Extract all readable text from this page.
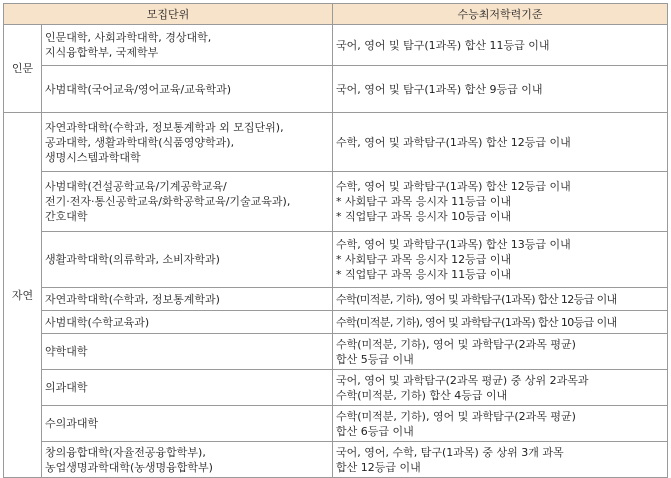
모집단위		수능최저학력기준
인문	인문대학, 사회과학대학, 경상대학,
지식융합학부, 국제학부	국어, 영어 및 탐구(1과목) 합산 11등급 이내

	사범대학(국어교육/영어교육/교육학과)	국어, 영어 및 탐구(1과목) 합산 9등급 이내

자연	자연과학대학(수학과, 정보통계학과 외 모집단위),
공과대학, 생활과학대학(식품영양학과),
생명시스템과학대학	수학, 영어 및 과학탐구(1과목) 합산 12등급 이내

	사범대학(건설공학교육/기계공학교육/
전기·전자·통신공학교육/화학공학교육/기술교육과),
간호대학	수학, 영어 및 과학탐구(1과목) 합산 12등급 이내
* 사회탐구 과목 응시자 11등급 이내
* 직업탐구 과목 응시자 10등급 이내

	생활과학대학(의류학과, 소비자학과)	수학, 영어 및 과학탐구(1과목) 합산 13등급 이내
* 사회탐구 과목 응시자 12등급 이내
* 직업탐구 과목 응시자 11등급 이내

	자연과학대학(수학과, 정보통계학과)	수학(미적분, 기하), 영어 및 과학탐구(1과목) 합산 12등급 이내

	사범대학(수학교육과)	수학(미적분, 기하), 영어 및 과학탐구(1과목) 합산 10등급 이내

	약학대학	수학(미적분, 기하), 영어 및 과학탐구(2과목 평균)
합산 5등급 이내

	의과대학	국어, 영어 및 과학탐구(2과목 평균) 중 상위 2과목과
수학(미적분, 기하) 합산 4등급 이내

	수의과대학	수학(미적분, 기하), 영어 및 과학탐구(2과목 평균)
합산 6등급 이내

	창의융합대학(자율전공융합학부),
농업생명과학대학(농생명융합학부)	국어, 영어, 수학, 탐구(1과목) 중 상위 3개 과목
합산 12등급 이내
